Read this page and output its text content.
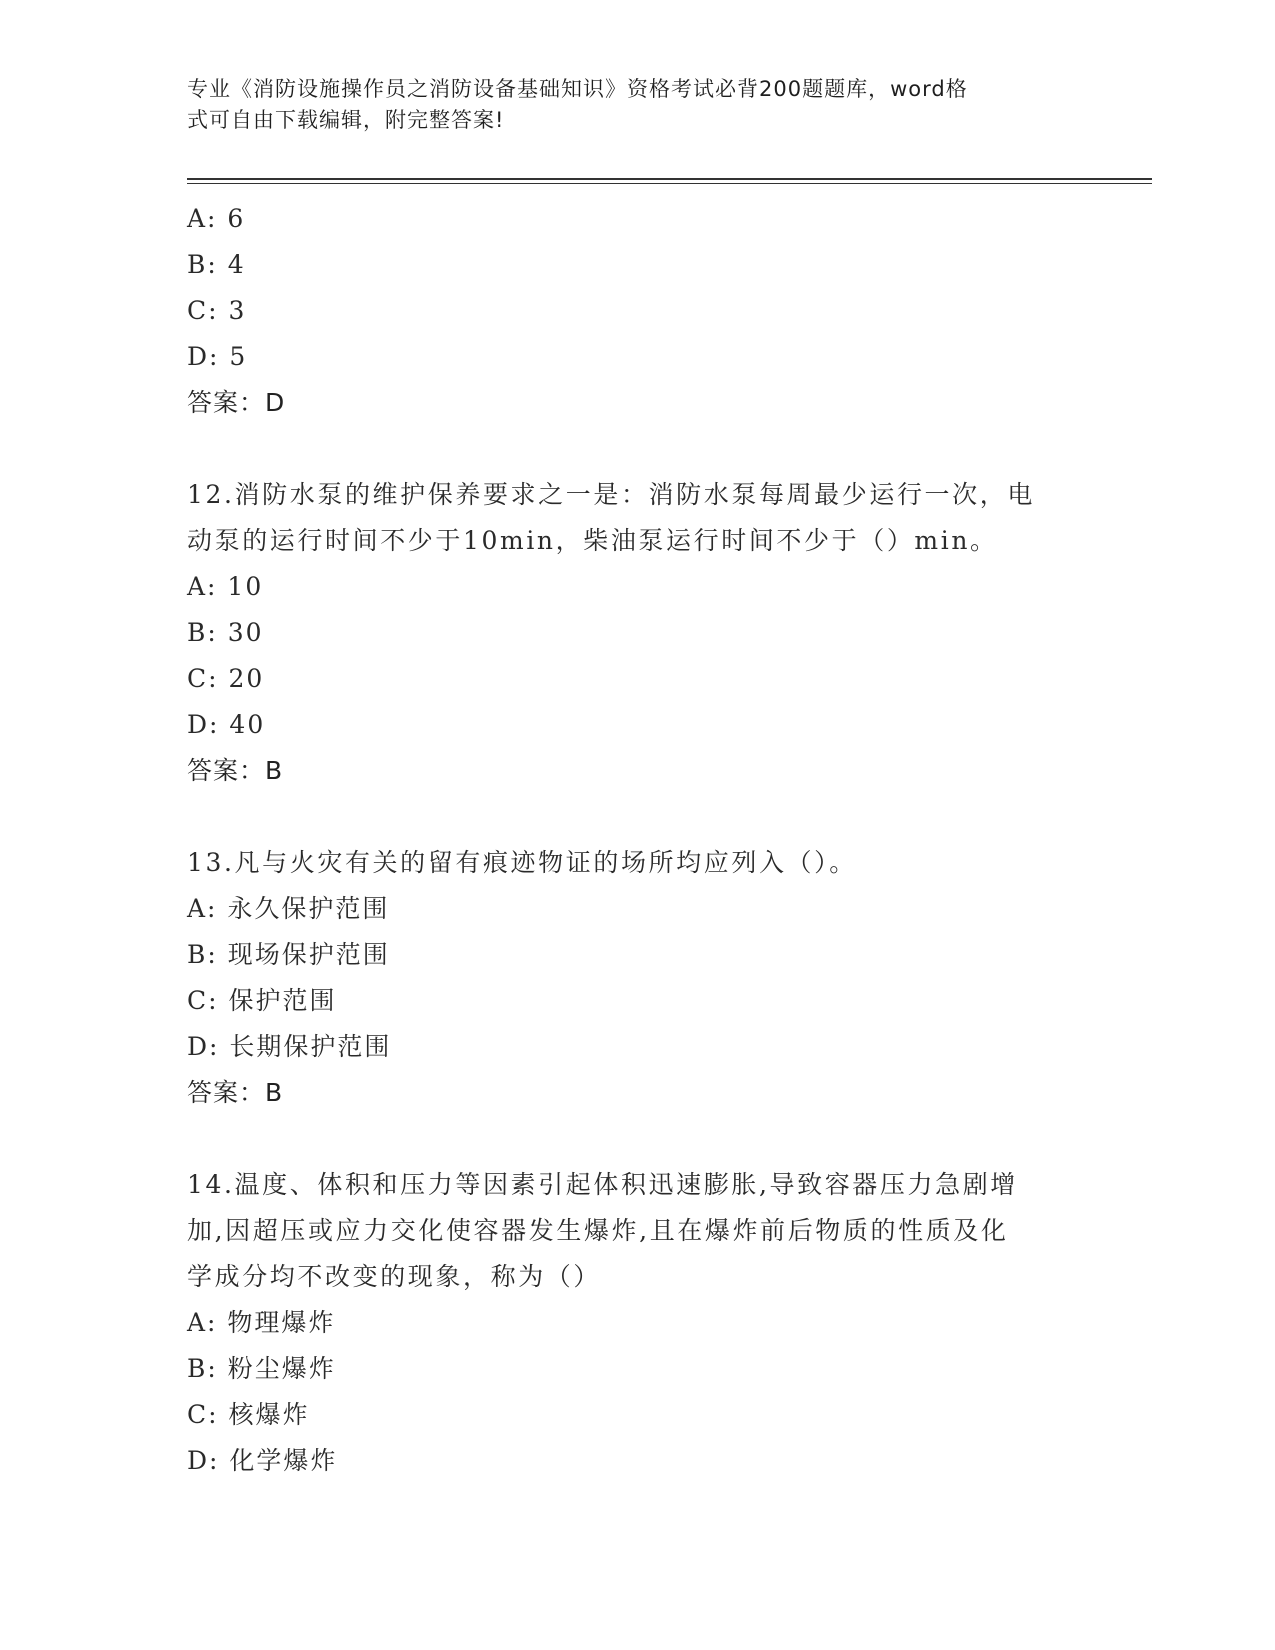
专业《消防设施操作员之消防设备基础知识》资格考试必背200题题库，word格
式可自由下载编辑，附完整答案!
A: 6
B: 4
C: 3
D: 5
答案：D
12.消防水泵的维护保养要求之一是：消防水泵每周最少运行一次，电
动泵的运行时间不少于10min，柴油泵运行时间不少于（）min。
A: 10
B: 30
C: 20
D: 40
答案：B
13.凡与火灾有关的留有痕迹物证的场所均应列入（）。
A: 永久保护范围
B: 现场保护范围
C: 保护范围
D: 长期保护范围
答案：B
14.温度、体积和压力等因素引起体积迅速膨胀,导致容器压力急剧增
加,因超压或应力交化使容器发生爆炸,且在爆炸前后物质的性质及化
学成分均不改变的现象，称为（）
A: 物理爆炸
B: 粉尘爆炸
C: 核爆炸
D: 化学爆炸
